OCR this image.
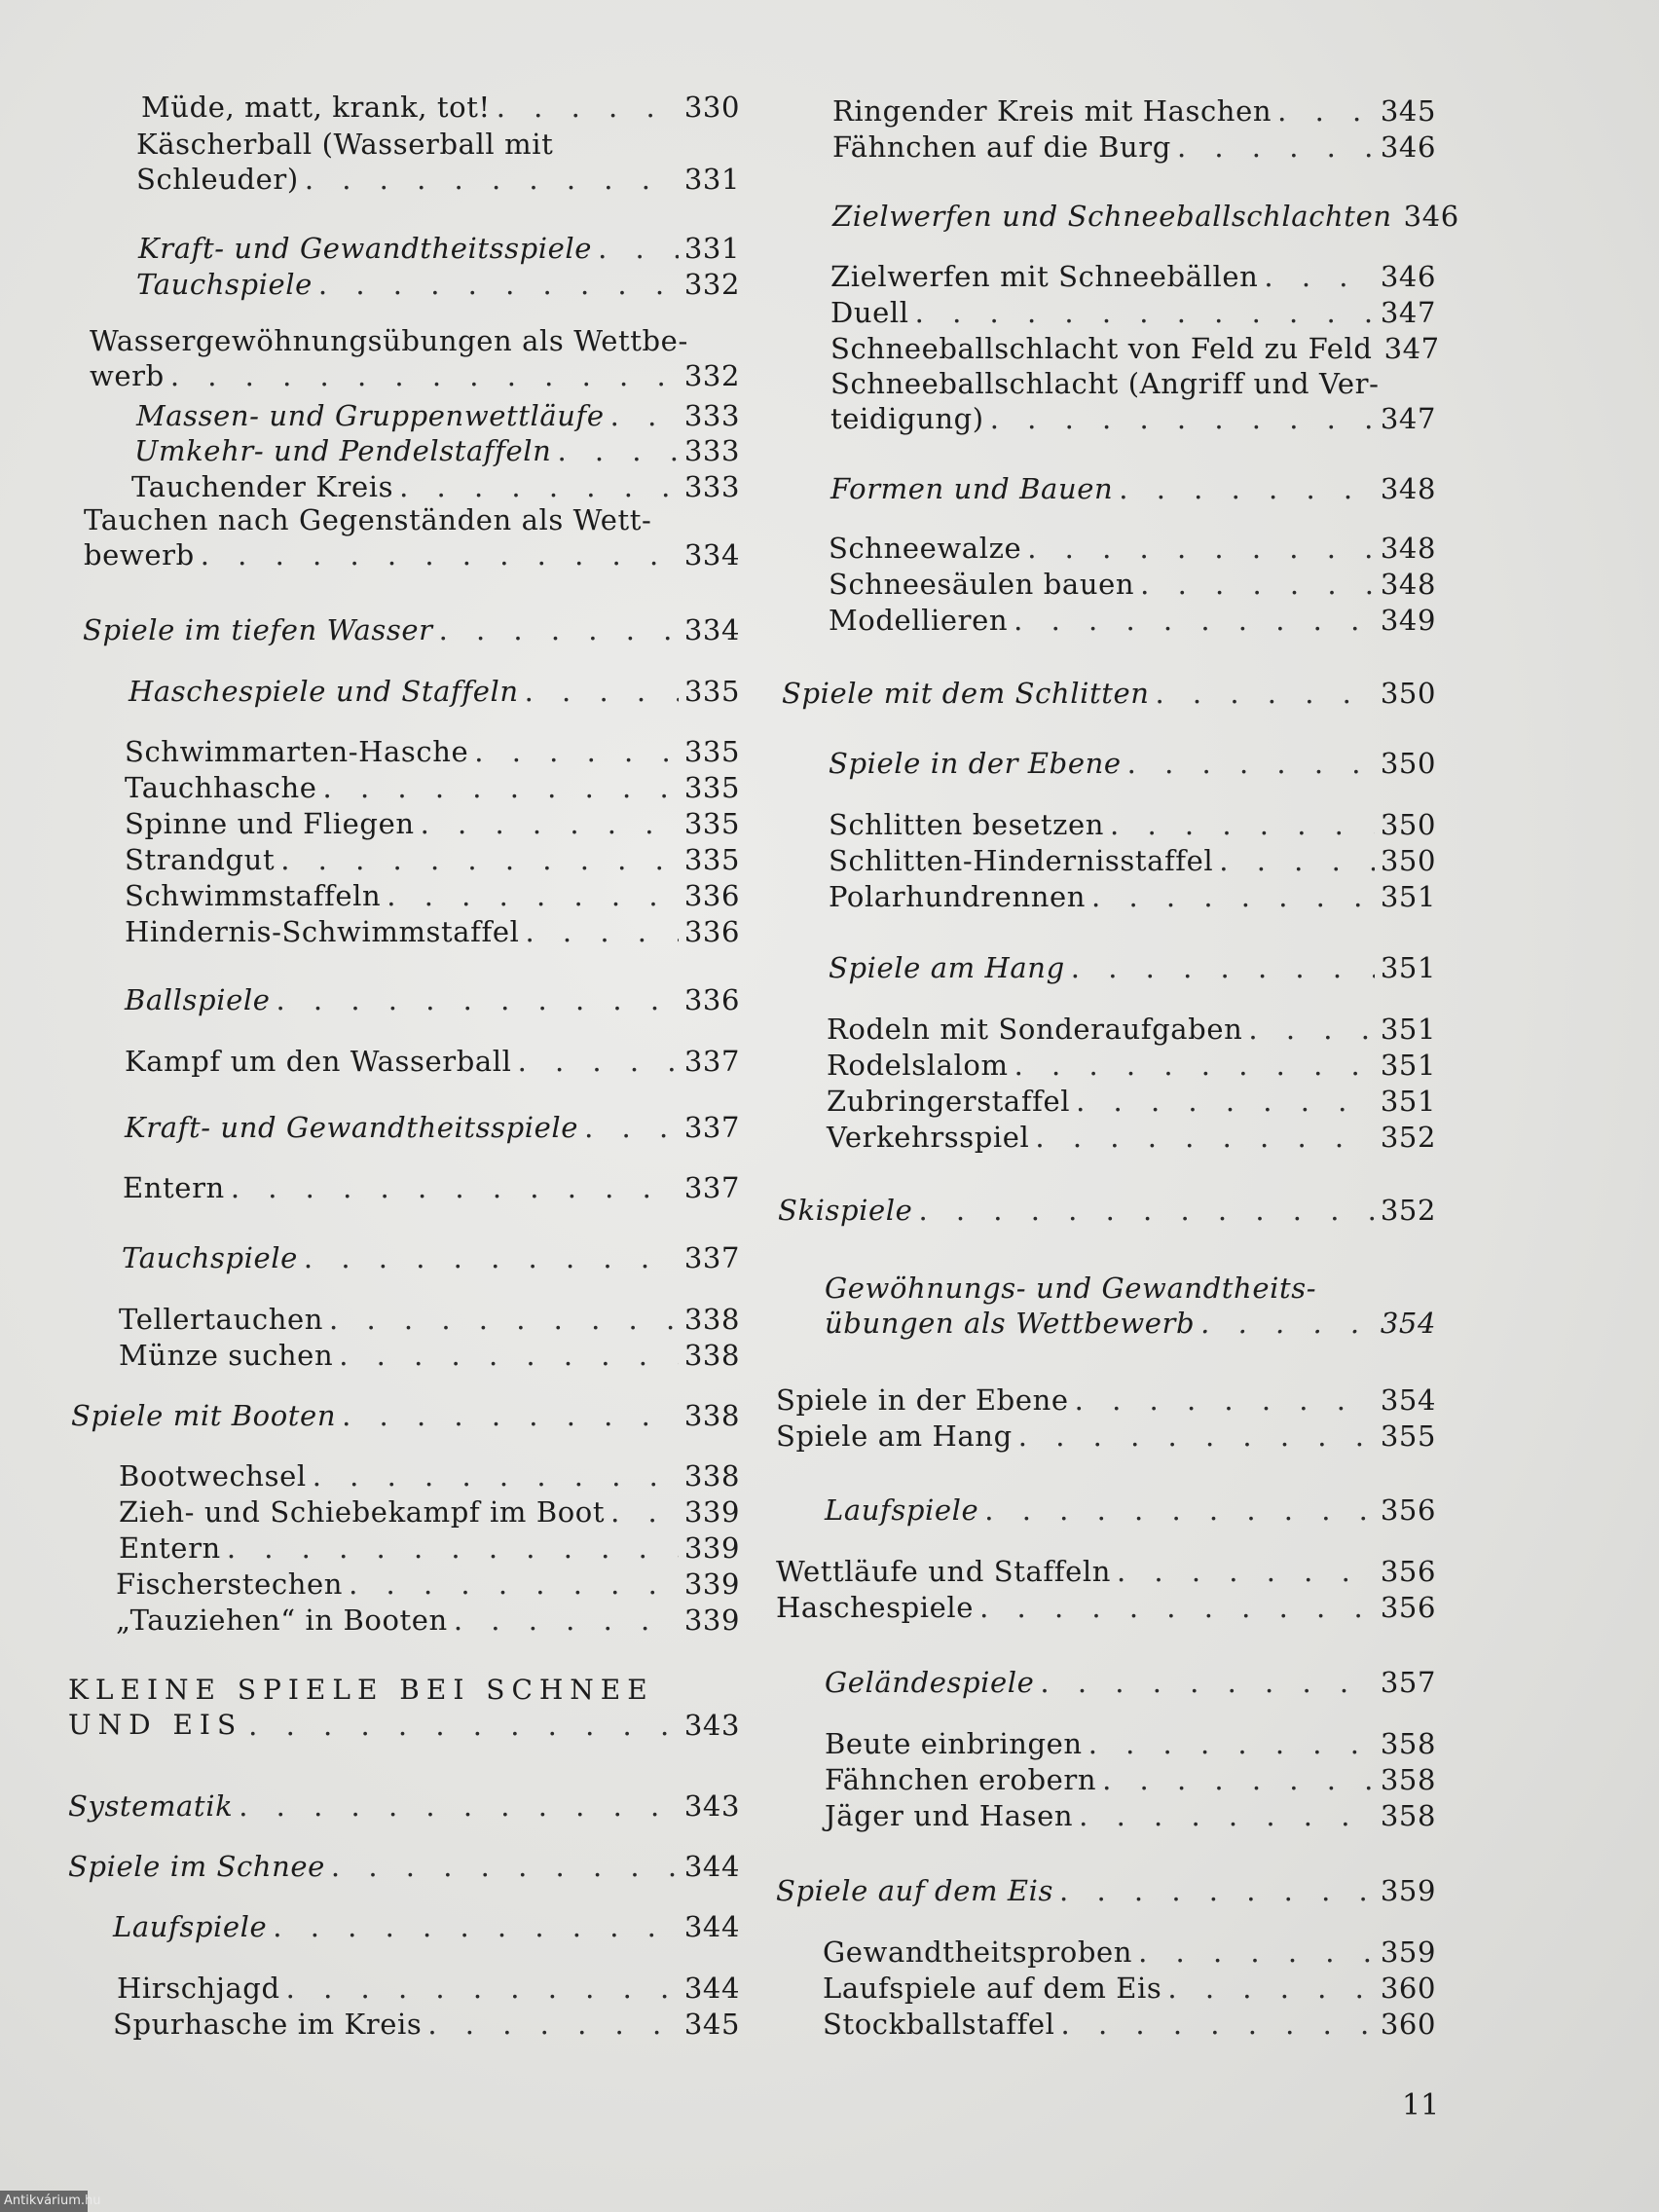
Müde, matt, krank, tot! . . .	330
Käscherball (Wasserball mit
Schleuder) . . .	331
Kraft- und Gewandtheitsspiele . . .	331
Tauchspiele . . .	332
Wassergewöhnungsübungen als Wettbe-
werb . . .	332
Massen- und Gruppenwettläufe . . .	333
Umkehr- und Pendelstaffeln . . .	333
Tauchender Kreis . . .	333
Tauchen nach Gegenständen als Wett-
bewerb . . .	334
Spiele im tiefen Wasser . . .	334
Haschespiele und Staffeln . . .	335
Schwimmarten-Hasche . . .	335
Tauchhasche . . .	335
Spinne und Fliegen . . .	335
Strandgut . . .	335
Schwimmstaffeln . . .	336
Hindernis-Schwimmstaffel . . .	336
Ballspiele . . .	336
Kampf um den Wasserball . . .	337
Kraft- und Gewandtheitsspiele . . .	337
Entern . . .	337
Tauchspiele . . .	337
Tellertauchen . . .	338
Münze suchen . . .	338
Spiele mit Booten . . .	338
Bootwechsel . . .	338
Zieh- und Schiebekampf im Boot . . .	339
Entern . . .	339
Fischerstechen . . .	339
„Tauziehen“ in Booten . . .	339
KLEINE SPIELE BEI SCHNEE
UND EIS . . .	343
Systematik . . .	343
Spiele im Schnee . . .	344
Laufspiele . . .	344
Hirschjagd . . .	344
Spurhasche im Kreis . . .	345
Ringender Kreis mit Haschen . . .	345
Fähnchen auf die Burg . . .	346
Zielwerfen und Schneeballschlachten 346
Zielwerfen mit Schneebällen . . .	346
Duell . . .	347
Schneeballschlacht von Feld zu Feld 347
Schneeballschlacht (Angriff und Ver-
teidigung) . . .	347
Formen und Bauen . . .	348
Schneewalze . . .	348
Schneesäulen bauen . . .	348
Modellieren . . .	349
Spiele mit dem Schlitten . . .	350
Spiele in der Ebene . . .	350
Schlitten besetzen . . .	350
Schlitten-Hindernisstaffel . . .	350
Polarhundrennen . . .	351
Spiele am Hang . . .	351
Rodeln mit Sonderaufgaben . . .	351
Rodelslalom . . .	351
Zubringerstaffel . . .	351
Verkehrsspiel . . .	352
Skispiele . . .	352
Gewöhnungs- und Gewandtheits-
übungen als Wettbewerb . . .	354
Spiele in der Ebene . . .	354
Spiele am Hang . . .	355
Laufspiele . . .	356
Wettläufe und Staffeln . . .	356
Haschespiele . . .	356
Geländespiele . . .	357
Beute einbringen . . .	358
Fähnchen erobern . . .	358
Jäger und Hasen . . .	358
Spiele auf dem Eis . . .	359
Gewandtheitsproben . . .	359
Laufspiele auf dem Eis . . .	360
Stockballstaffel . . .	360
11
Antikvárium.hu
